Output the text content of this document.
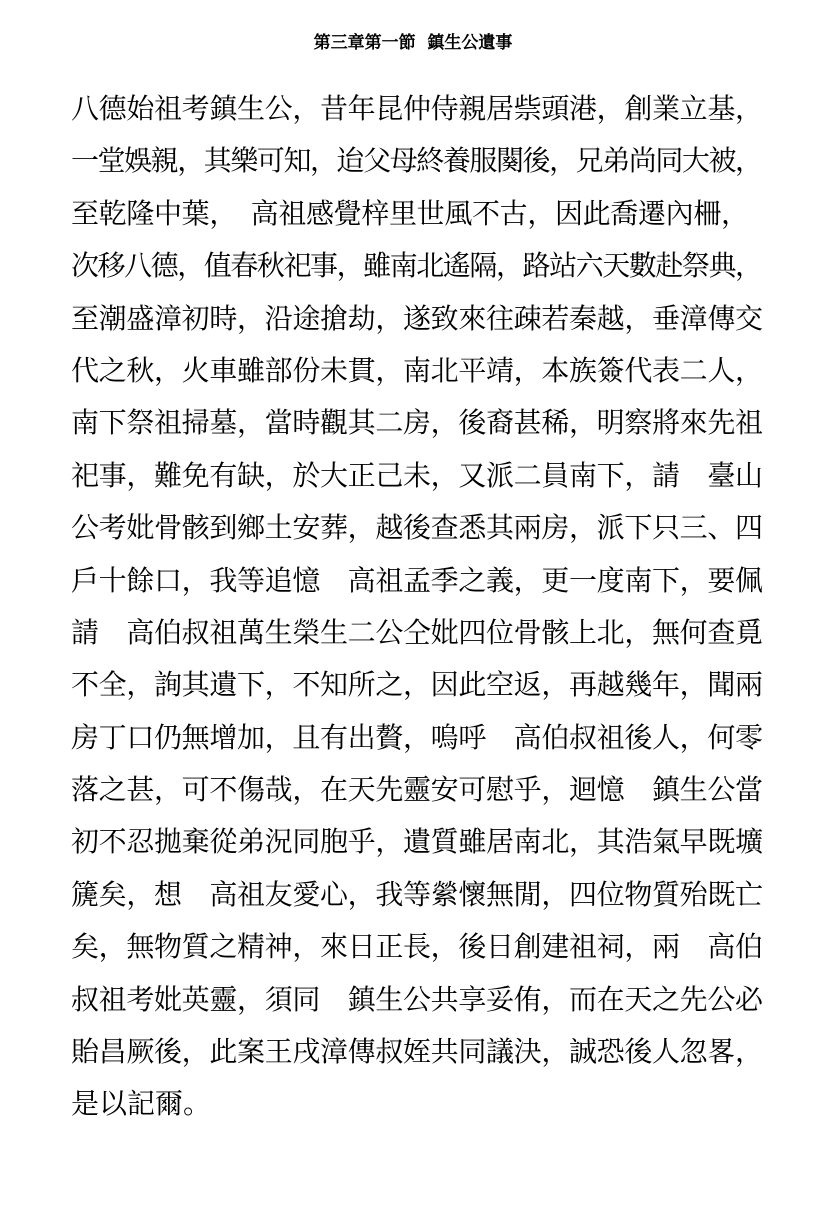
第三章第一節  鎮生公遺事
八德始祖考鎮生公，昔年昆仲侍親居祡頭港，創業立基，
一堂娛親，其樂可知，迨父母終養服闋後，兄弟尚同大被，
至乾隆中葉，　高祖感覺梓里世風不古，因此喬遷內柵，
次移八德，值春秋祀事，雖南北遙隔，路站六天數赴祭典，
至潮盛漳初時，沿途搶劫，遂致來往疎若秦越，垂漳傳交
代之秋，火車雖部份未貫，南北平靖，本族簽代表二人，
南下祭祖掃墓，當時觀其二房，後裔甚稀，明察將來先祖
祀事，難免有缺，於大正己未，又派二員南下，請　臺山
公考妣骨骸到鄉土安葬，越後查悉其兩房，派下只三、四
戶十餘口，我等追憶　高祖孟季之義，更一度南下，要佩
請　高伯叔祖萬生榮生二公仝妣四位骨骸上北，無何查覓
不全，詢其遺下，不知所之，因此空返，再越幾年，聞兩
房丁口仍無增加，且有出贅，嗚呼　高伯叔祖後人，何零
落之甚，可不傷哉，在天先靈安可慰乎，迴憶　鎮生公當
初不忍拋棄從弟況同胞乎，遺質雖居南北，其浩氣早既壙
篪矣，想　高祖友愛心，我等縈懷無閒，四位物質殆既亡
矣，無物質之精神，來日正長，後日創建祖祠，兩　高伯
叔祖考妣英靈，須同　鎮生公共享妥侑，而在天之先公必
貽昌厥後，此案王戌漳傳叔姪共同議決，誠恐後人忽畧，
是以記爾。
